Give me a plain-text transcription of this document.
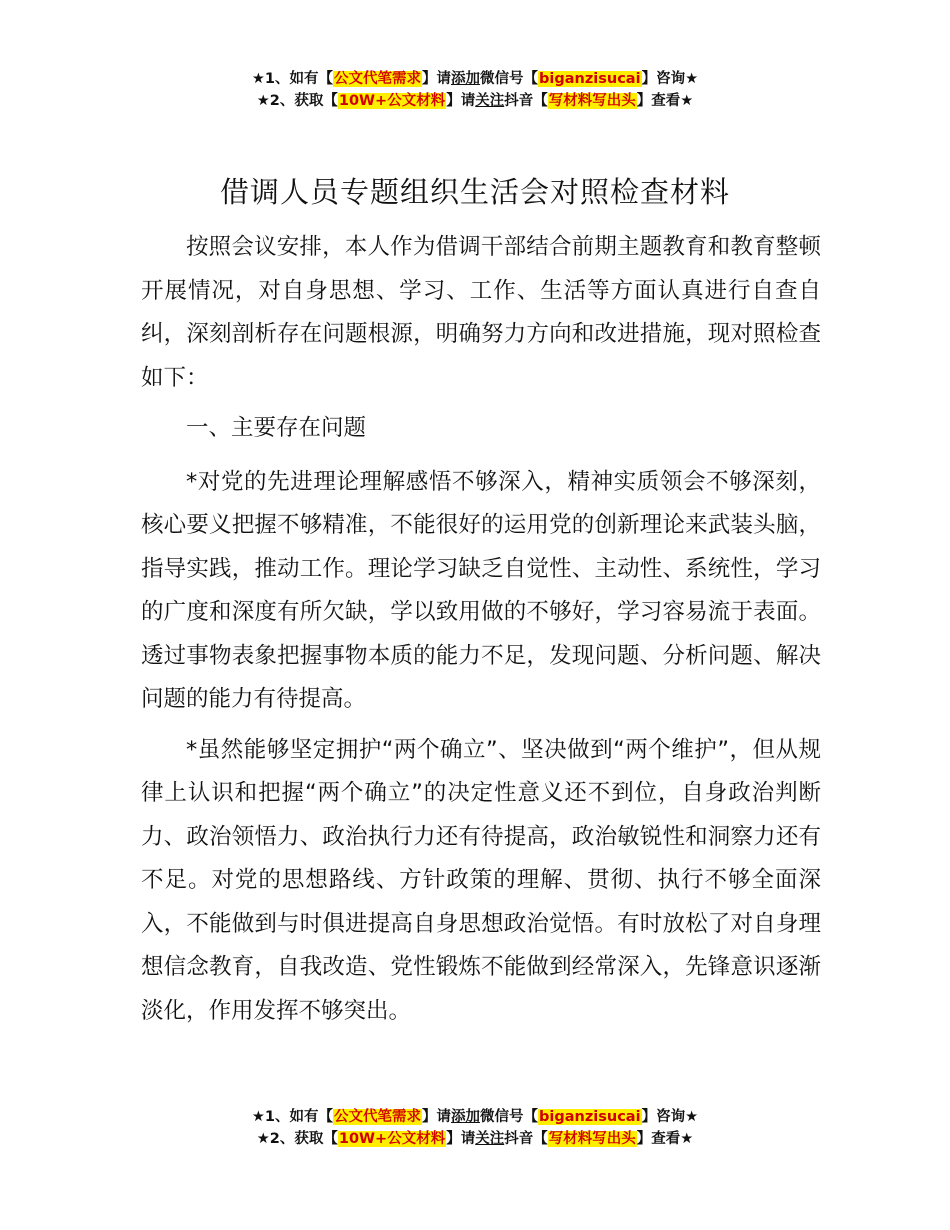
★1、如有【公文代笔需求】请添加微信号【biganzisucai】咨询★
★2、获取【10W+公文材料】请关注抖音【写材料写出头】查看★
借调人员专题组织生活会对照检查材料

按照会议安排，本人作为借调干部结合前期主题教育和教育整顿开展情况，对自身思想、学习、工作、生活等方面认真进行自查自纠，深刻剖析存在问题根源，明确努力方向和改进措施，现对照检查如下：

一、主要存在问题

*对党的先进理论理解感悟不够深入，精神实质领会不够深刻，核心要义把握不够精准，不能很好的运用党的创新理论来武装头脑，指导实践，推动工作。理论学习缺乏自觉性、主动性、系统性，学习的广度和深度有所欠缺，学以致用做的不够好，学习容易流于表面。透过事物表象把握事物本质的能力不足，发现问题、分析问题、解决问题的能力有待提高。

*虽然能够坚定拥护“两个确立”、坚决做到“两个维护”，但从规律上认识和把握“两个确立”的决定性意义还不到位，自身政治判断力、政治领悟力、政治执行力还有待提高，政治敏锐性和洞察力还有不足。对党的思想路线、方针政策的理解、贯彻、执行不够全面深入，不能做到与时俱进提高自身思想政治觉悟。有时放松了对自身理想信念教育，自我改造、党性锻炼不能做到经常深入，先锋意识逐渐淡化，作用发挥不够突出。

★1、如有【公文代笔需求】请添加微信号【biganzisucai】咨询★
★2、获取【10W+公文材料】请关注抖音【写材料写出头】查看★
